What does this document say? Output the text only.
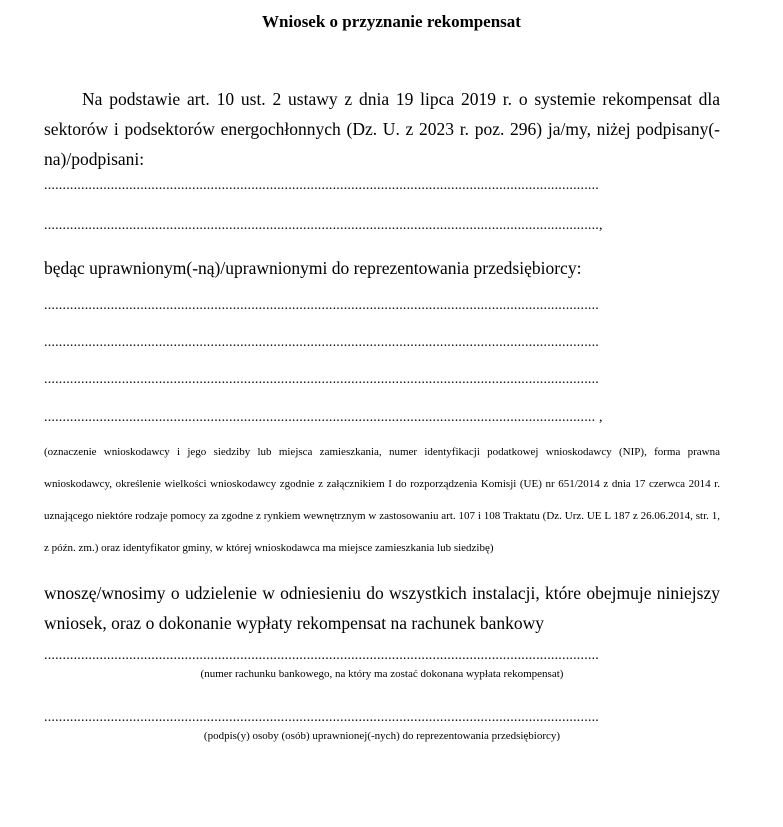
Wniosek o przyznanie rekompensat
Na podstawie art. 10 ust. 2 ustawy z dnia 19 lipca 2019 r. o systemie rekompensat dla sektorów i podsektorów energochłonnych (Dz. U. z 2023 r. poz. 296) ja/my, niżej podpisany(-na)/podpisani:
......................................................................................................................................................
......................................................................................................................................................,
będąc uprawnionym(-ną)/uprawnionymi do reprezentowania przedsiębiorcy:
......................................................................................................................................................
......................................................................................................................................................
......................................................................................................................................................
..................................................................................................................................................... ,
(oznaczenie wnioskodawcy i jego siedziby lub miejsca zamieszkania, numer identyfikacji podatkowej wnioskodawcy (NIP), forma prawna wnioskodawcy, określenie wielkości wnioskodawcy zgodnie z załącznikiem I do rozporządzenia Komisji (UE) nr 651/2014 z dnia 17 czerwca 2014 r. uznającego niektóre rodzaje pomocy za zgodne z rynkiem wewnętrznym w zastosowaniu art. 107 i 108 Traktatu (Dz. Urz. UE L 187 z 26.06.2014, str. 1, z późn. zm.) oraz identyfikator gminy, w której wnioskodawca ma miejsce zamieszkania lub siedzibę)
wnoszę/wnosimy o udzielenie w odniesieniu do wszystkich instalacji, które obejmuje niniejszy wniosek, oraz o dokonanie wypłaty rekompensat na rachunek bankowy
......................................................................................................................................................
(numer rachunku bankowego, na który ma zostać dokonana wypłata rekompensat)
......................................................................................................................................................
(podpis(y) osoby (osób) uprawnionej(-nych) do reprezentowania przedsiębiorcy)
